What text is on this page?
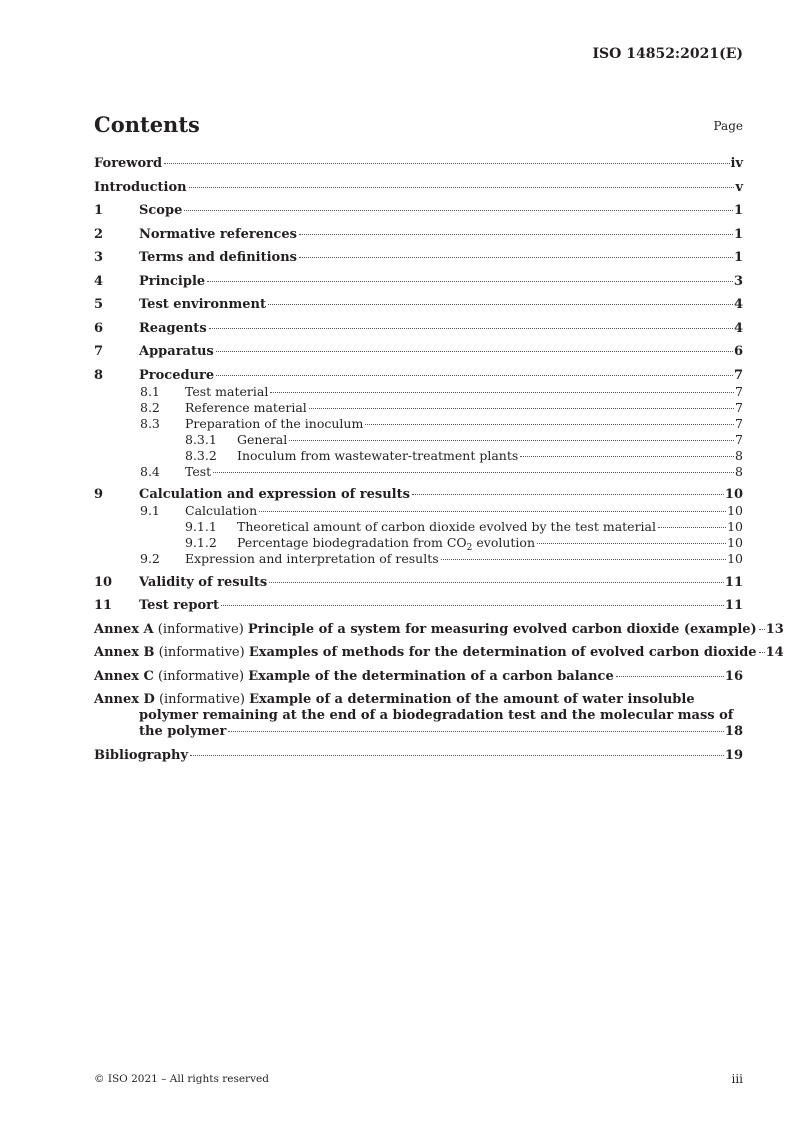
ISO 14852:2021(E)
Contents	Page
Foreword	iv
Introduction	v
1	Scope	1
2	Normative references	1
3	Terms and definitions	1
4	Principle	3
5	Test environment	4
6	Reagents	4
7	Apparatus	6
8	Procedure	7
8.1	Test material	7
8.2	Reference material	7
8.3	Preparation of the inoculum	7
8.3.1	General	7
8.3.2	Inoculum from wastewater-treatment plants	8
8.4	Test	8
9	Calculation and expression of results	10
9.1	Calculation	10
9.1.1	Theoretical amount of carbon dioxide evolved by the test material	10
9.1.2	Percentage biodegradation from $CO_2$ evolution	10
9.2	Expression and interpretation of results	10
10	Validity of results	11
11	Test report	11
Annex A (informative) Principle of a system for measuring evolved carbon dioxide (example) 13
Annex B (informative) Examples of methods for the determination of evolved carbon dioxide 14
Annex C (informative) Example of the determination of a carbon balance	16
Annex D (informative) Example of a determination of the amount of water insoluble
polymer remaining at the end of a biodegradation test and the molecular mass of
the polymer	18
Bibliography	19
© ISO 2021 – All rights reserved	iii
